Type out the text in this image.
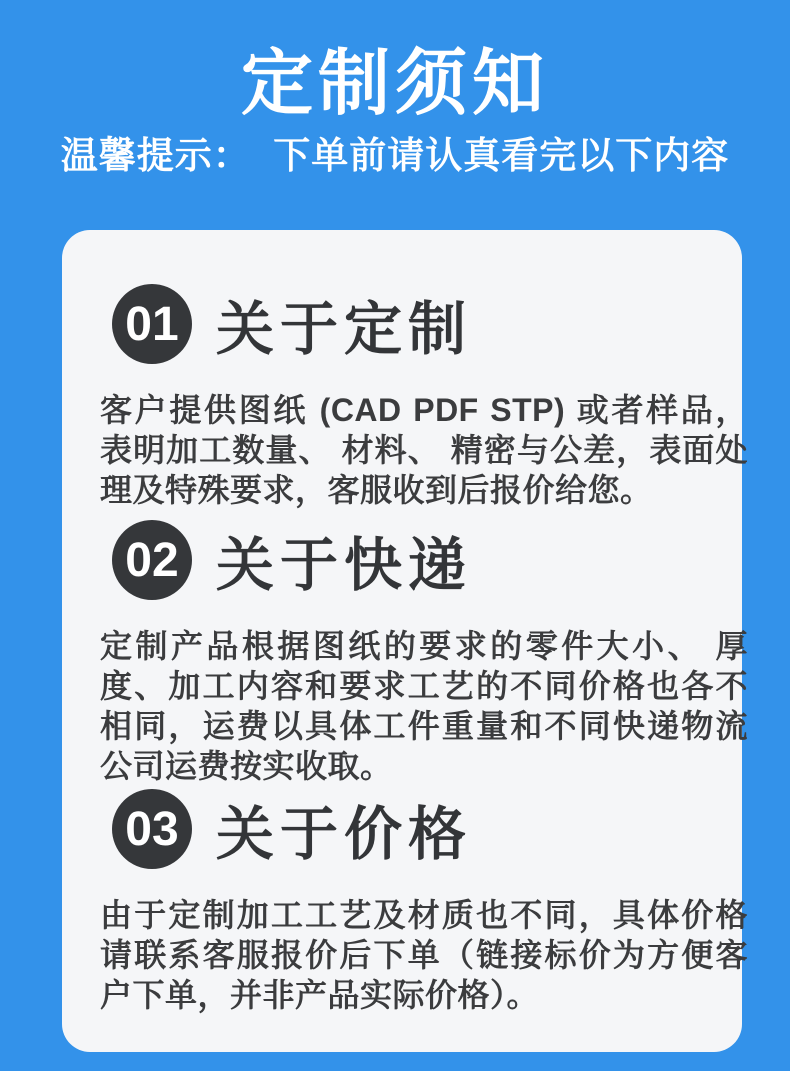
定制须知
温馨提示：  下单前请认真看完以下内容
01 关于定制

客户提供图纸 (CAD PDF STP) 或者样品，表明加工数量、 材料、 精密与公差，表面处理及特殊要求，客服收到后报价给您。

02 关于快递

定制产品根据图纸的要求的零件大小、 厚度、加工内容和要求工艺的不同价格也各不相同，运费以具体工件重量和不同快递物流公司运费按实收取。

03 关于价格

由于定制加工工艺及材质也不同，具体价格请联系客服报价后下单（链接标价为方便客户下单，并非产品实际价格）。
